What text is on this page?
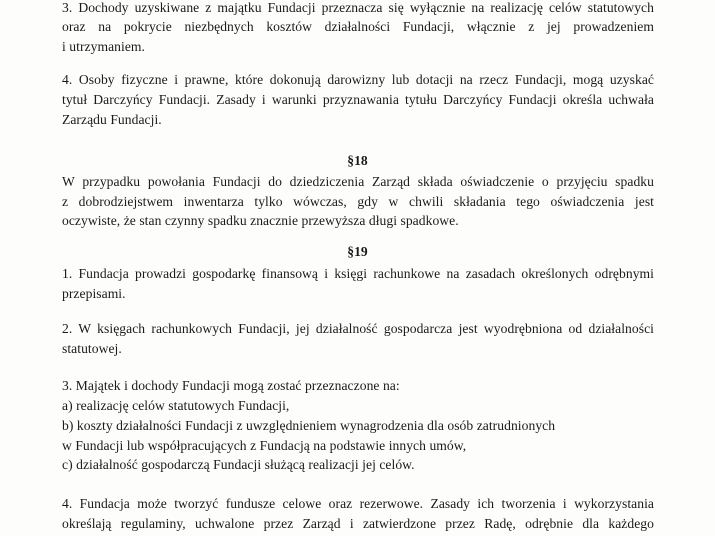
3. Dochody uzyskiwane z majątku Fundacji przeznacza się wyłącznie na realizację celów statutowych
oraz na pokrycie niezbędnych kosztów działalności Fundacji, włącznie z jej prowadzeniem
i utrzymaniem.
4. Osoby fizyczne i prawne, które dokonują darowizny lub dotacji na rzecz Fundacji, mogą uzyskać
tytuł Darczyńcy Fundacji. Zasady i warunki przyznawania tytułu Darczyńcy Fundacji określa uchwała
Zarządu Fundacji.
§18
W przypadku powołania Fundacji do dziedziczenia Zarząd składa oświadczenie o przyjęciu spadku
z dobrodziejstwem inwentarza tylko wówczas, gdy w chwili składania tego oświadczenia jest
oczywiste, że stan czynny spadku znacznie przewyższa długi spadkowe.
§19
1. Fundacja prowadzi gospodarkę finansową i księgi rachunkowe na zasadach określonych odrębnymi
przepisami.
2. W księgach rachunkowych Fundacji, jej działalność gospodarcza jest wyodrębniona od działalności
statutowej.
3. Majątek i dochody Fundacji mogą zostać przeznaczone na:
a) realizację celów statutowych Fundacji,
b) koszty działalności Fundacji z uwzględnieniem wynagrodzenia dla osób zatrudnionych
w Fundacji lub współpracujących z Fundacją na podstawie innych umów,
c) działalność gospodarczą Fundacji służącą realizacji jej celów.
4. Fundacja może tworzyć fundusze celowe oraz rezerwowe. Zasady ich tworzenia i wykorzystania
określają regulaminy, uchwalone przez Zarząd i zatwierdzone przez Radę, odrębnie dla każdego
